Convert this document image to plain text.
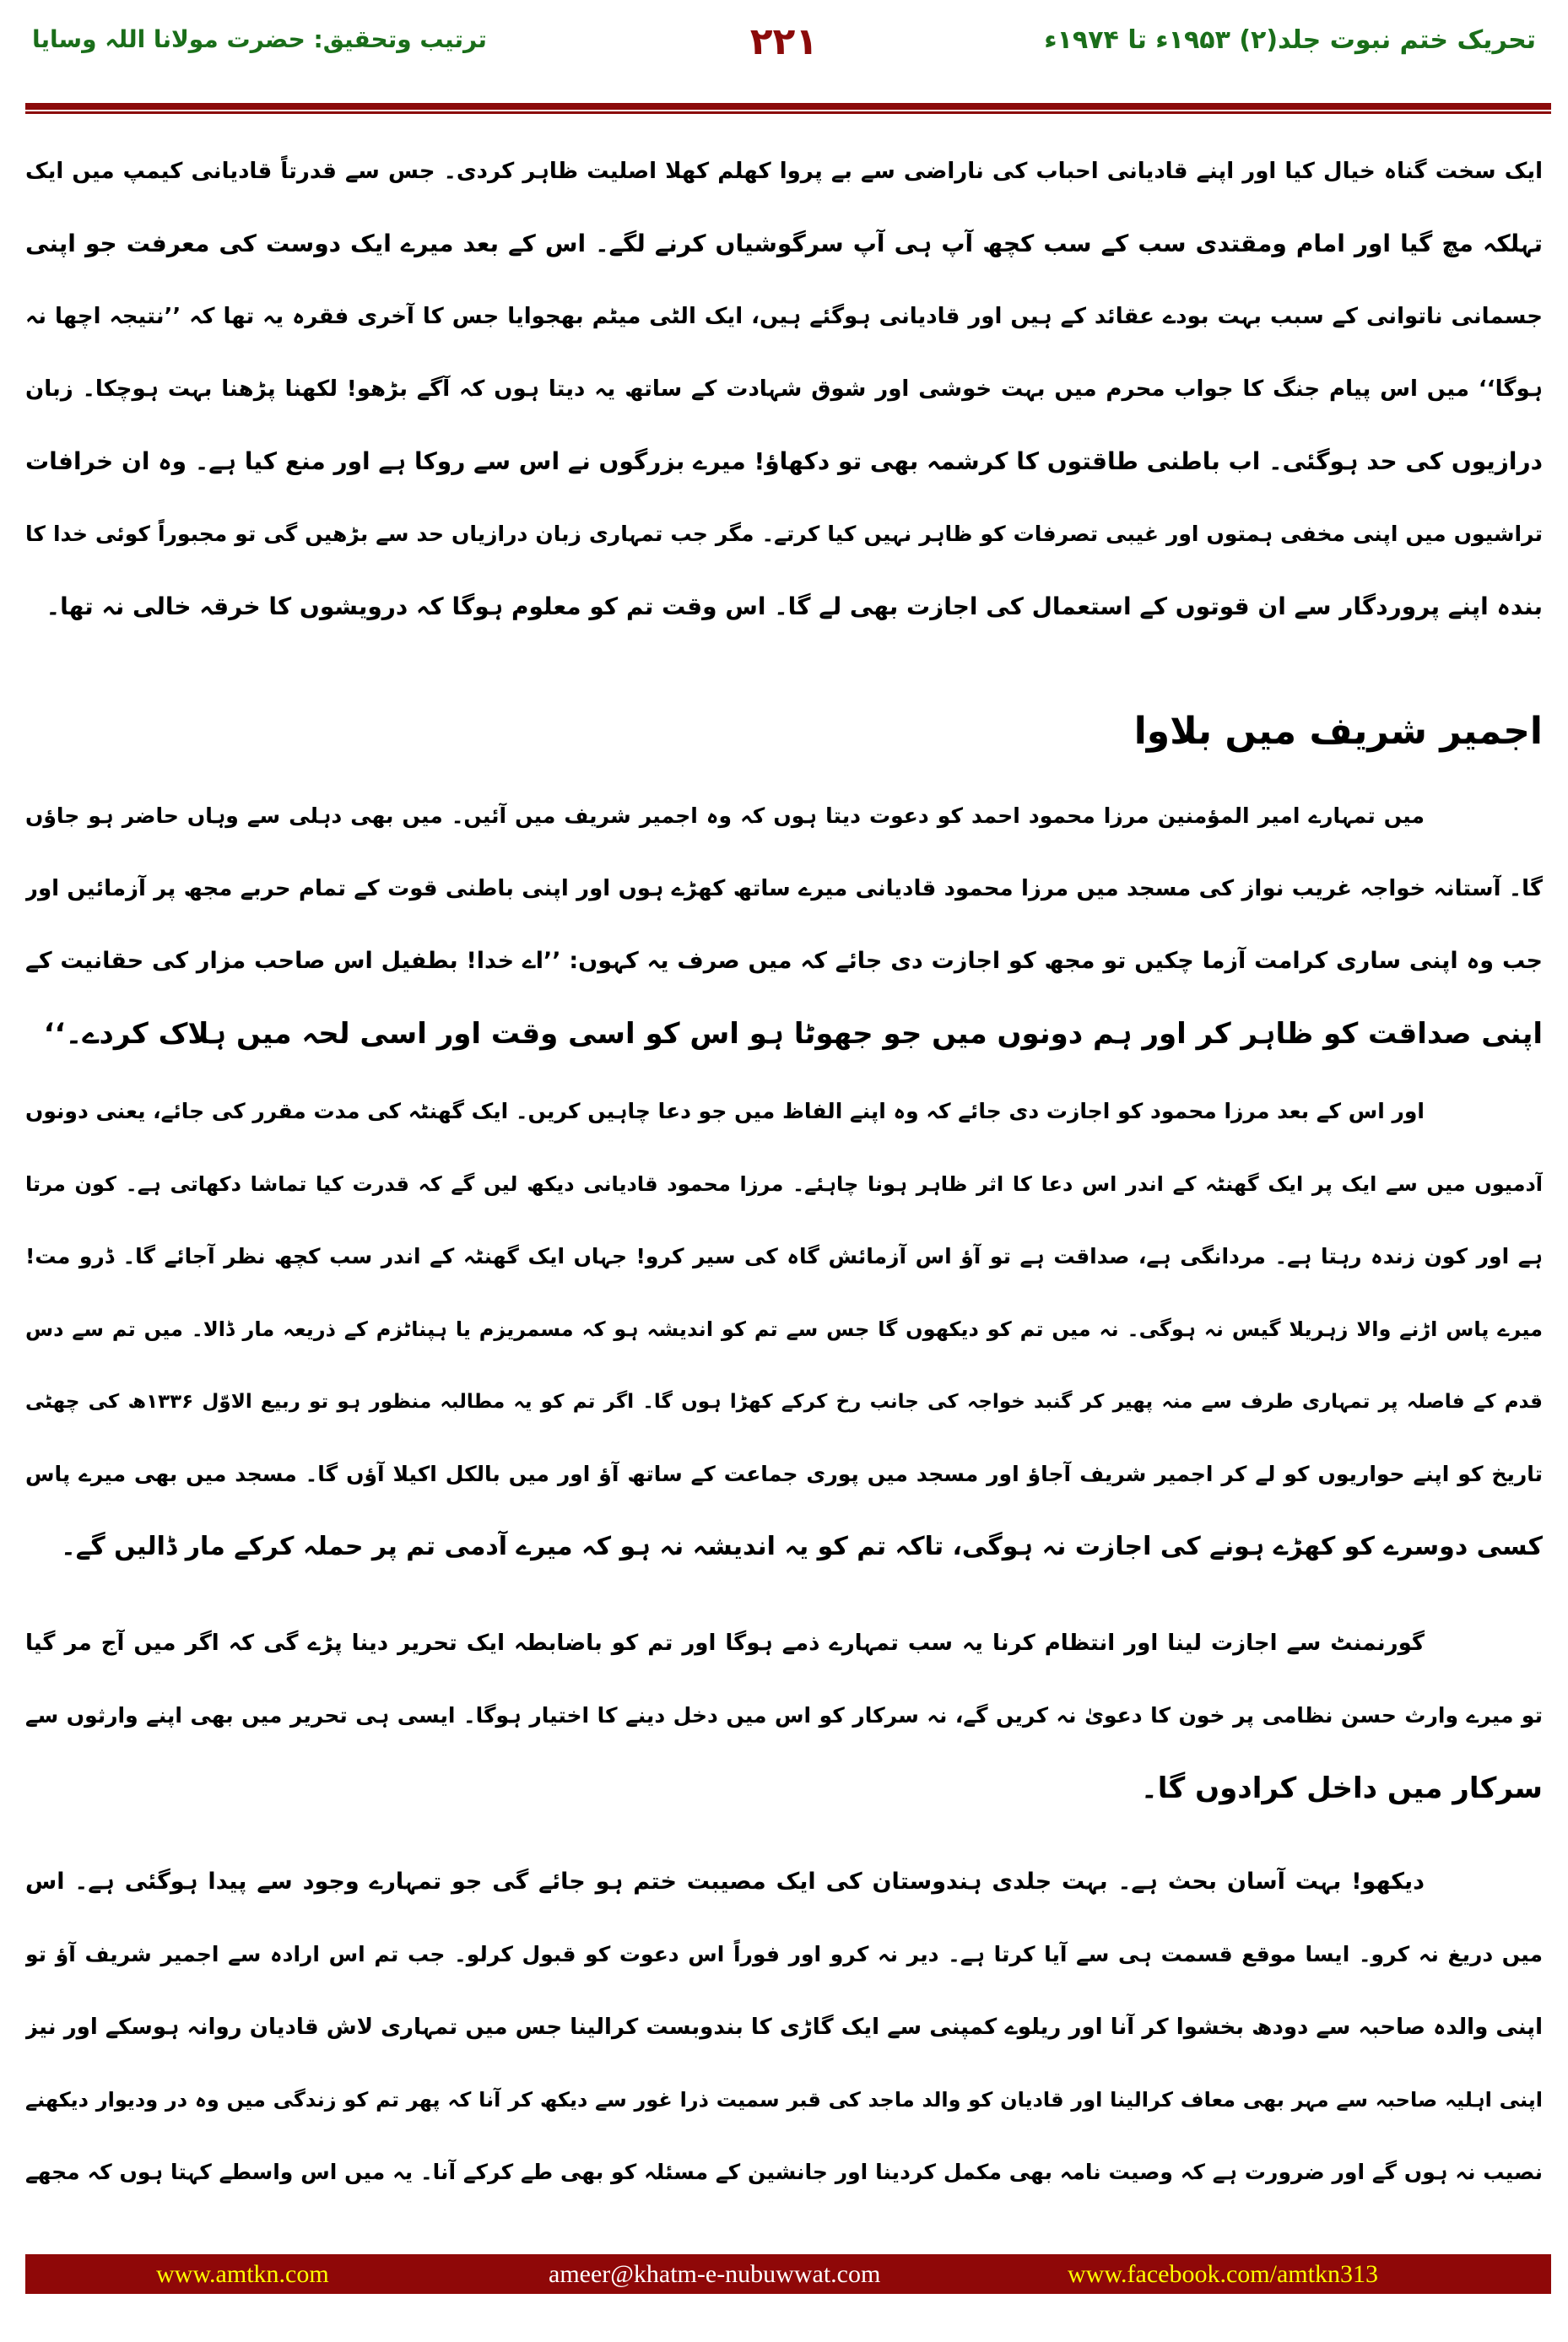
تحریک ختم نبوت جلد(۲) ۱۹۵۳ء تا ۱۹۷۴ء
۲۲۱
ترتیب وتحقیق: حضرت مولانا اللہ وسایا
ایک سخت گناہ خیال کیا اور اپنے قادیانی احباب کی ناراضی سے بے پروا کھلم کھلا اصلیت ظاہر کردی۔ جس سے قدرتاً قادیانی کیمپ میں ایک
تہلکہ مچ گیا اور امام ومقتدی سب کے سب کچھ آپ ہی آپ سرگوشیاں کرنے لگے۔ اس کے بعد میرے ایک دوست کی معرفت جو اپنی
جسمانی ناتوانی کے سبب بہت بودے عقائد کے ہیں اور قادیانی ہوگئے ہیں، ایک الٹی میٹم بھجوایا جس کا آخری فقرہ یہ تھا کہ ’’نتیجہ اچھا نہ
ہوگا‘‘ میں اس پیام جنگ کا جواب محرم میں بہت خوشی اور شوق شہادت کے ساتھ یہ دیتا ہوں کہ آگے بڑھو! لکھنا پڑھنا بہت ہوچکا۔ زبان
درازیوں کی حد ہوگئی۔ اب باطنی طاقتوں کا کرشمہ بھی تو دکھاؤ! میرے بزرگوں نے اس سے روکا ہے اور منع کیا ہے۔ وہ ان خرافات
تراشیوں میں اپنی مخفی ہمتوں اور غیبی تصرفات کو ظاہر نہیں کیا کرتے۔ مگر جب تمہاری زبان درازیاں حد سے بڑھیں گی تو مجبوراً کوئی خدا کا
بندہ اپنے پروردگار سے ان قوتوں کے استعمال کی اجازت بھی لے گا۔ اس وقت تم کو معلوم ہوگا کہ درویشوں کا خرقہ خالی نہ تھا۔
اجمیر شریف میں بلاوا
میں تمہارے امیر المؤمنین مرزا محمود احمد کو دعوت دیتا ہوں کہ وہ اجمیر شریف میں آئیں۔ میں بھی دہلی سے وہاں حاضر ہو جاؤں
گا۔ آستانہ خواجہ غریب نواز کی مسجد میں مرزا محمود قادیانی میرے ساتھ کھڑے ہوں اور اپنی باطنی قوت کے تمام حربے مجھ پر آزمائیں اور
جب وہ اپنی ساری کرامت آزما چکیں تو مجھ کو اجازت دی جائے کہ میں صرف یہ کہوں: ’’اے خدا! بطفیل اس صاحب مزار کی حقانیت کے
اپنی صداقت کو ظاہر کر اور ہم دونوں میں جو جھوٹا ہو اس کو اسی وقت اور اسی لحہ میں ہلاک کردے۔‘‘
اور اس کے بعد مرزا محمود کو اجازت دی جائے کہ وہ اپنے الفاظ میں جو دعا چاہیں کریں۔ ایک گھنٹہ کی مدت مقرر کی جائے، یعنی دونوں
آدمیوں میں سے ایک پر ایک گھنٹہ کے اندر اس دعا کا اثر ظاہر ہونا چاہئے۔ مرزا محمود قادیانی دیکھ لیں گے کہ قدرت کیا تماشا دکھاتی ہے۔ کون مرتا
ہے اور کون زندہ رہتا ہے۔ مردانگی ہے، صداقت ہے تو آؤ اس آزمائش گاہ کی سیر کرو! جہاں ایک گھنٹہ کے اندر سب کچھ نظر آجائے گا۔ ڈرو مت!
میرے پاس اڑنے والا زہریلا گیس نہ ہوگی۔ نہ میں تم کو دیکھوں گا جس سے تم کو اندیشہ ہو کہ مسمریزم یا ہپناٹزم کے ذریعہ مار ڈالا۔ میں تم سے دس
قدم کے فاصلہ پر تمہاری طرف سے منہ پھیر کر گنبد خواجہ کی جانب رخ کرکے کھڑا ہوں گا۔ اگر تم کو یہ مطالبہ منظور ہو تو ربیع الاوّل ۱۳۳۶ھ کی چھٹی
تاریخ کو اپنے حواریوں کو لے کر اجمیر شریف آجاؤ اور مسجد میں پوری جماعت کے ساتھ آؤ اور میں بالکل اکیلا آؤں گا۔ مسجد میں بھی میرے پاس
کسی دوسرے کو کھڑے ہونے کی اجازت نہ ہوگی، تاکہ تم کو یہ اندیشہ نہ ہو کہ میرے آدمی تم پر حملہ کرکے مار ڈالیں گے۔
گورنمنٹ سے اجازت لینا اور انتظام کرنا یہ سب تمہارے ذمے ہوگا اور تم کو باضابطہ ایک تحریر دینا پڑے گی کہ اگر میں آج مر گیا
تو میرے وارث حسن نظامی پر خون کا دعویٰ نہ کریں گے، نہ سرکار کو اس میں دخل دینے کا اختیار ہوگا۔ ایسی ہی تحریر میں بھی اپنے وارثوں سے
سرکار میں داخل کرادوں گا۔
دیکھو! بہت آسان بحث ہے۔ بہت جلدی ہندوستان کی ایک مصیبت ختم ہو جائے گی جو تمہارے وجود سے پیدا ہوگئی ہے۔ اس
میں دریغ نہ کرو۔ ایسا موقع قسمت ہی سے آیا کرتا ہے۔ دیر نہ کرو اور فوراً اس دعوت کو قبول کرلو۔ جب تم اس ارادہ سے اجمیر شریف آؤ تو
اپنی والدہ صاحبہ سے دودھ بخشوا کر آنا اور ریلوے کمپنی سے ایک گاڑی کا بندوبست کرالینا جس میں تمہاری لاش قادیان روانہ ہوسکے اور نیز
اپنی اہلیہ صاحبہ سے مہر بھی معاف کرالینا اور قادیان کو والد ماجد کی قبر سمیت ذرا غور سے دیکھ کر آنا کہ پھر تم کو زندگی میں وہ در ودیوار دیکھنے
نصیب نہ ہوں گے اور ضرورت ہے کہ وصیت نامہ بھی مکمل کردینا اور جانشین کے مسئلہ کو بھی طے کرکے آنا۔ یہ میں اس واسطے کہتا ہوں کہ مجھے
www.amtkn.com	ameer@khatm-e-nubuwwat.com	www.facebook.com/amtkn313
